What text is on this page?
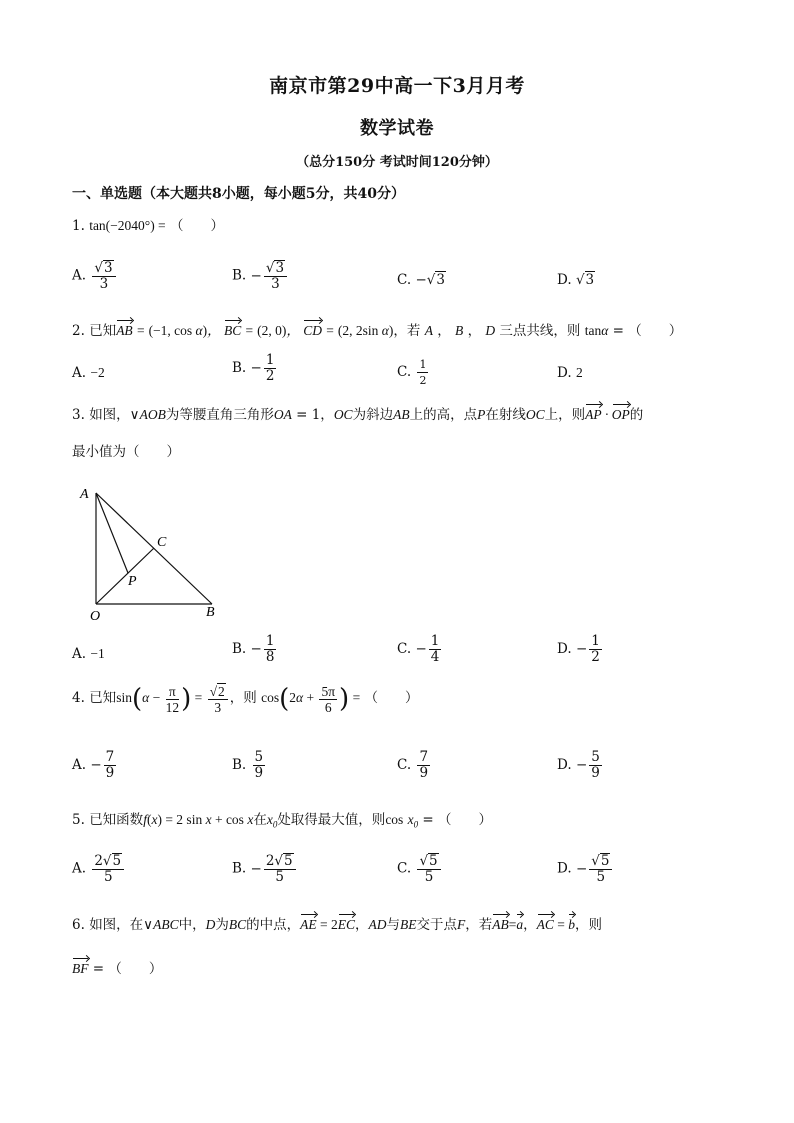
南京市第29中高一下3月月考
数学试卷
（总分150分 考试时间120分钟）
一、单选题（本大题共8小题，每小题5分，共40分）
1. tan(−2040°) = （　　）
A. $\frac{√3}{3}$	B. − $\frac{√3}{3}$	C. −√3	D. √3
2. 已知AB = (−1, cos α)， BC = (2, 0)， CD = (2, 2sin α)，若 A ， B ， D 三点共线，则 tanα = （　　）
A. −2	B. − $\frac{1}{2}$	C. $\frac{1}{2}$	D. 2
3. 如图，∨AOB为等腰直角三角形OA = 1，OC为斜边AB上的高，点P在射线OC上，则AP · OP的
最小值为（　　）
A
C
P
O	B
A. −1	B. − $\frac{1}{8}$	C. − $\frac{1}{4}$	D. − $\frac{1}{2}$
4. 已知$\sin(\alpha - \frac{\pi}{12}$ ) = $\frac{√2}{3}$ ，则 $\cos(2\alpha + \frac{5\pi}{6}$ ) = （　　）
A. − $\frac{7}{9}$	B. $\frac{5}{9}$	C. $\frac{7}{9}$	D. − $\frac{5}{9}$
5. 已知函数f(x) = 2 sin x + cos x在$x_0$处取得最大值，则$\cos x_0$ = （　　）
A. $\frac{2√5}{5}$	B. − $\frac{2√5}{5}$	C. $\frac{√5}{5}$	D. − $\frac{√5}{5}$
6. 如图，在∨ABC中，D为BC的中点，AE = 2EC，AD与BE交于点F，若AB=a，AC = b，则
BF = （　　）
